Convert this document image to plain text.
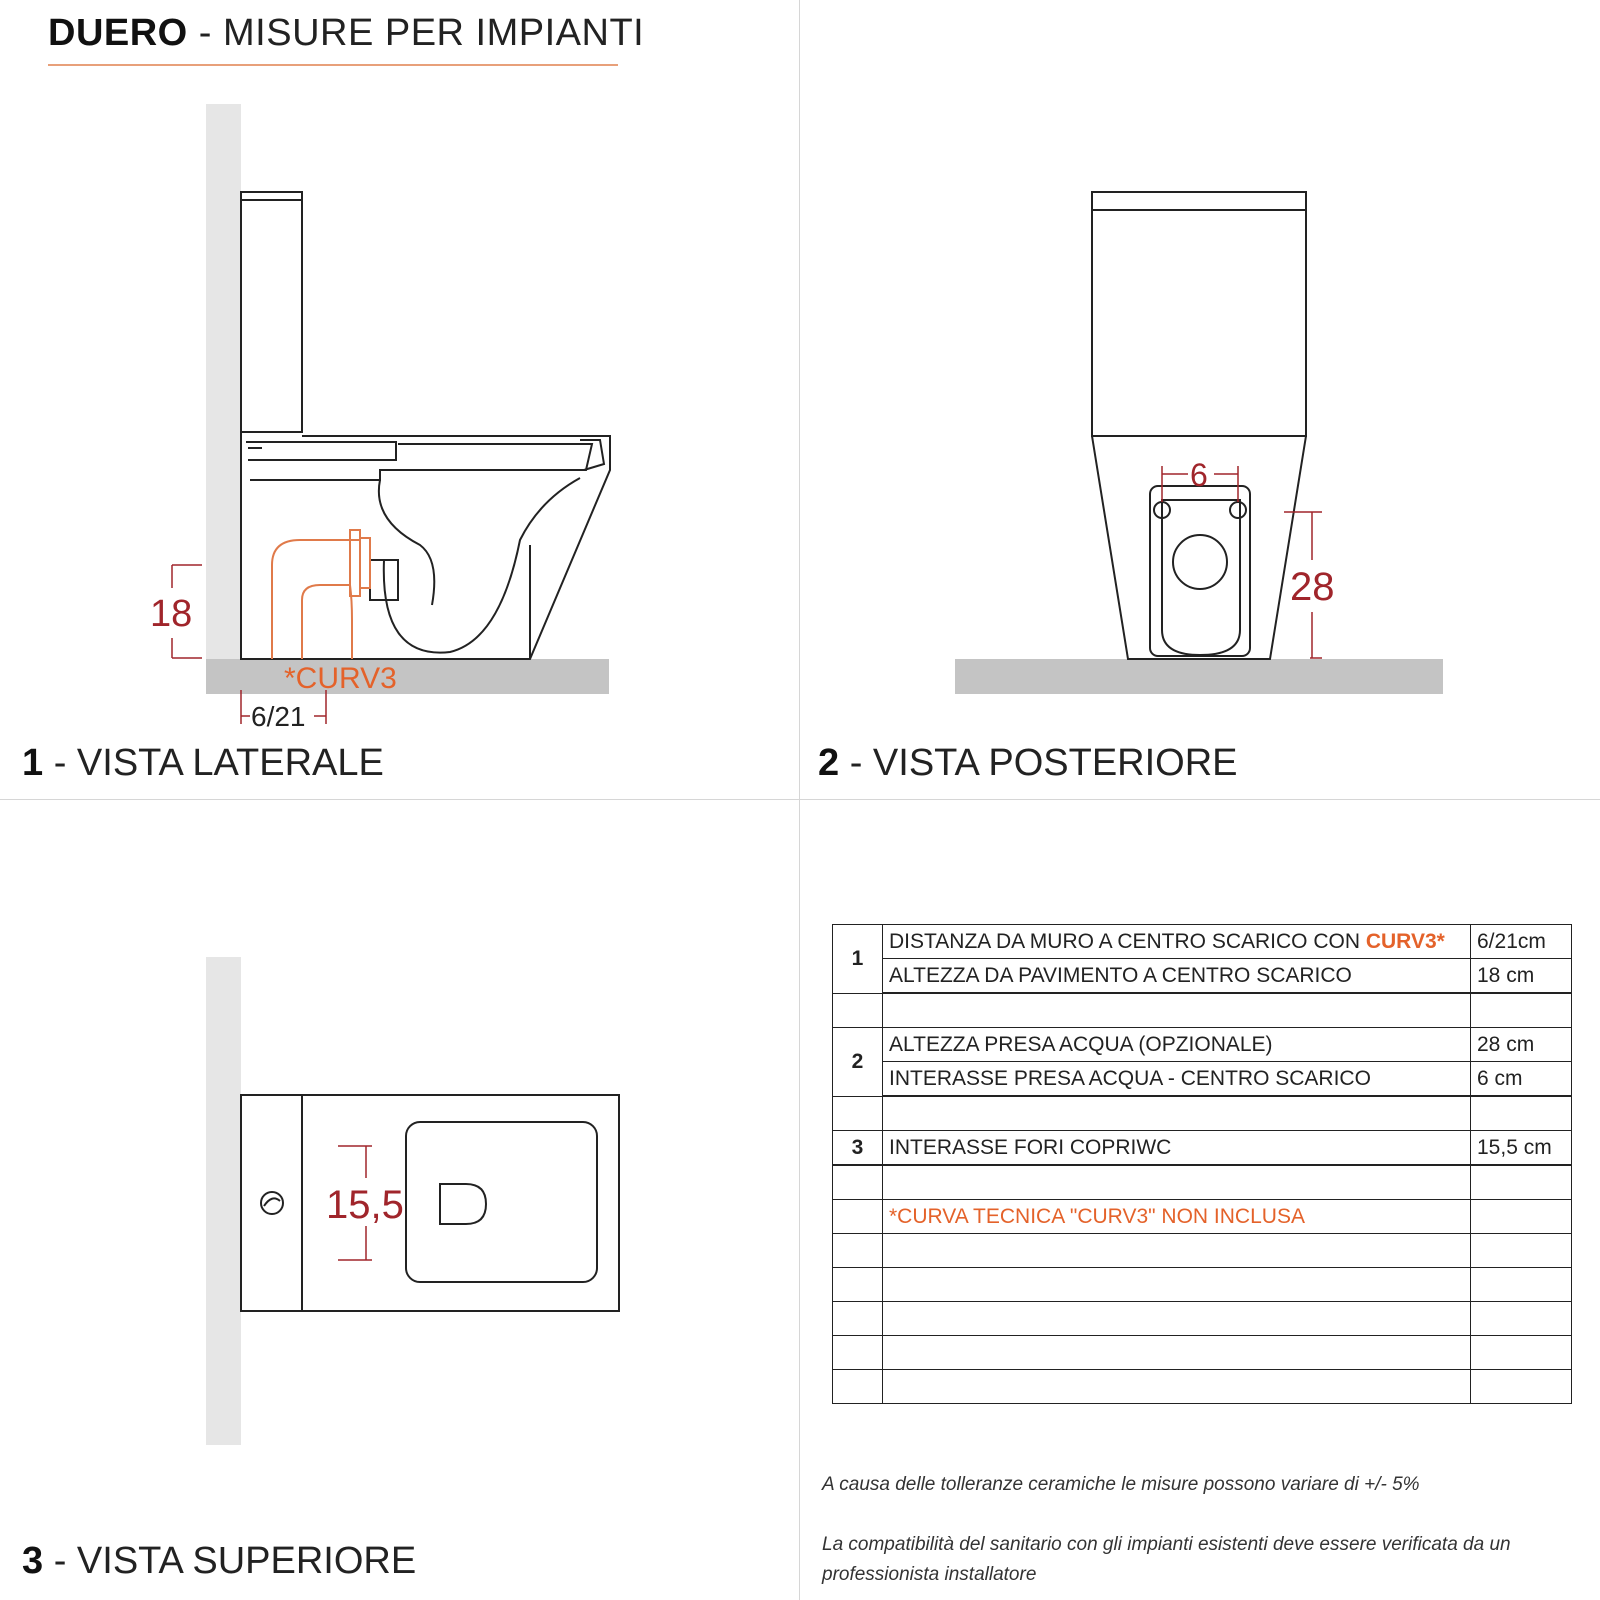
DUERO - MISURE PER IMPIANTI
18
6/21
*CURV3
1 - VISTA LATERALE
6
28
2 - VISTA POSTERIORE
15,5
3 - VISTA SUPERIORE
1	DISTANZA DA MURO A CENTRO SCARICO CON CURV3*	6/21cm
	ALTEZZA DA PAVIMENTO A CENTRO SCARICO	18 cm

2	ALTEZZA PRESA ACQUA (OPZIONALE)	28 cm
	INTERASSE PRESA ACQUA - CENTRO SCARICO	6 cm

3	INTERASSE FORI COPRIWC	15,5 cm

	*CURVA TECNICA "CURV3" NON INCLUSA	

A causa delle tolleranze ceramiche le misure possono variare di +/- 5%
La compatibilità del sanitario con gli impianti esistenti deve essere verificata da un professionista installatore
